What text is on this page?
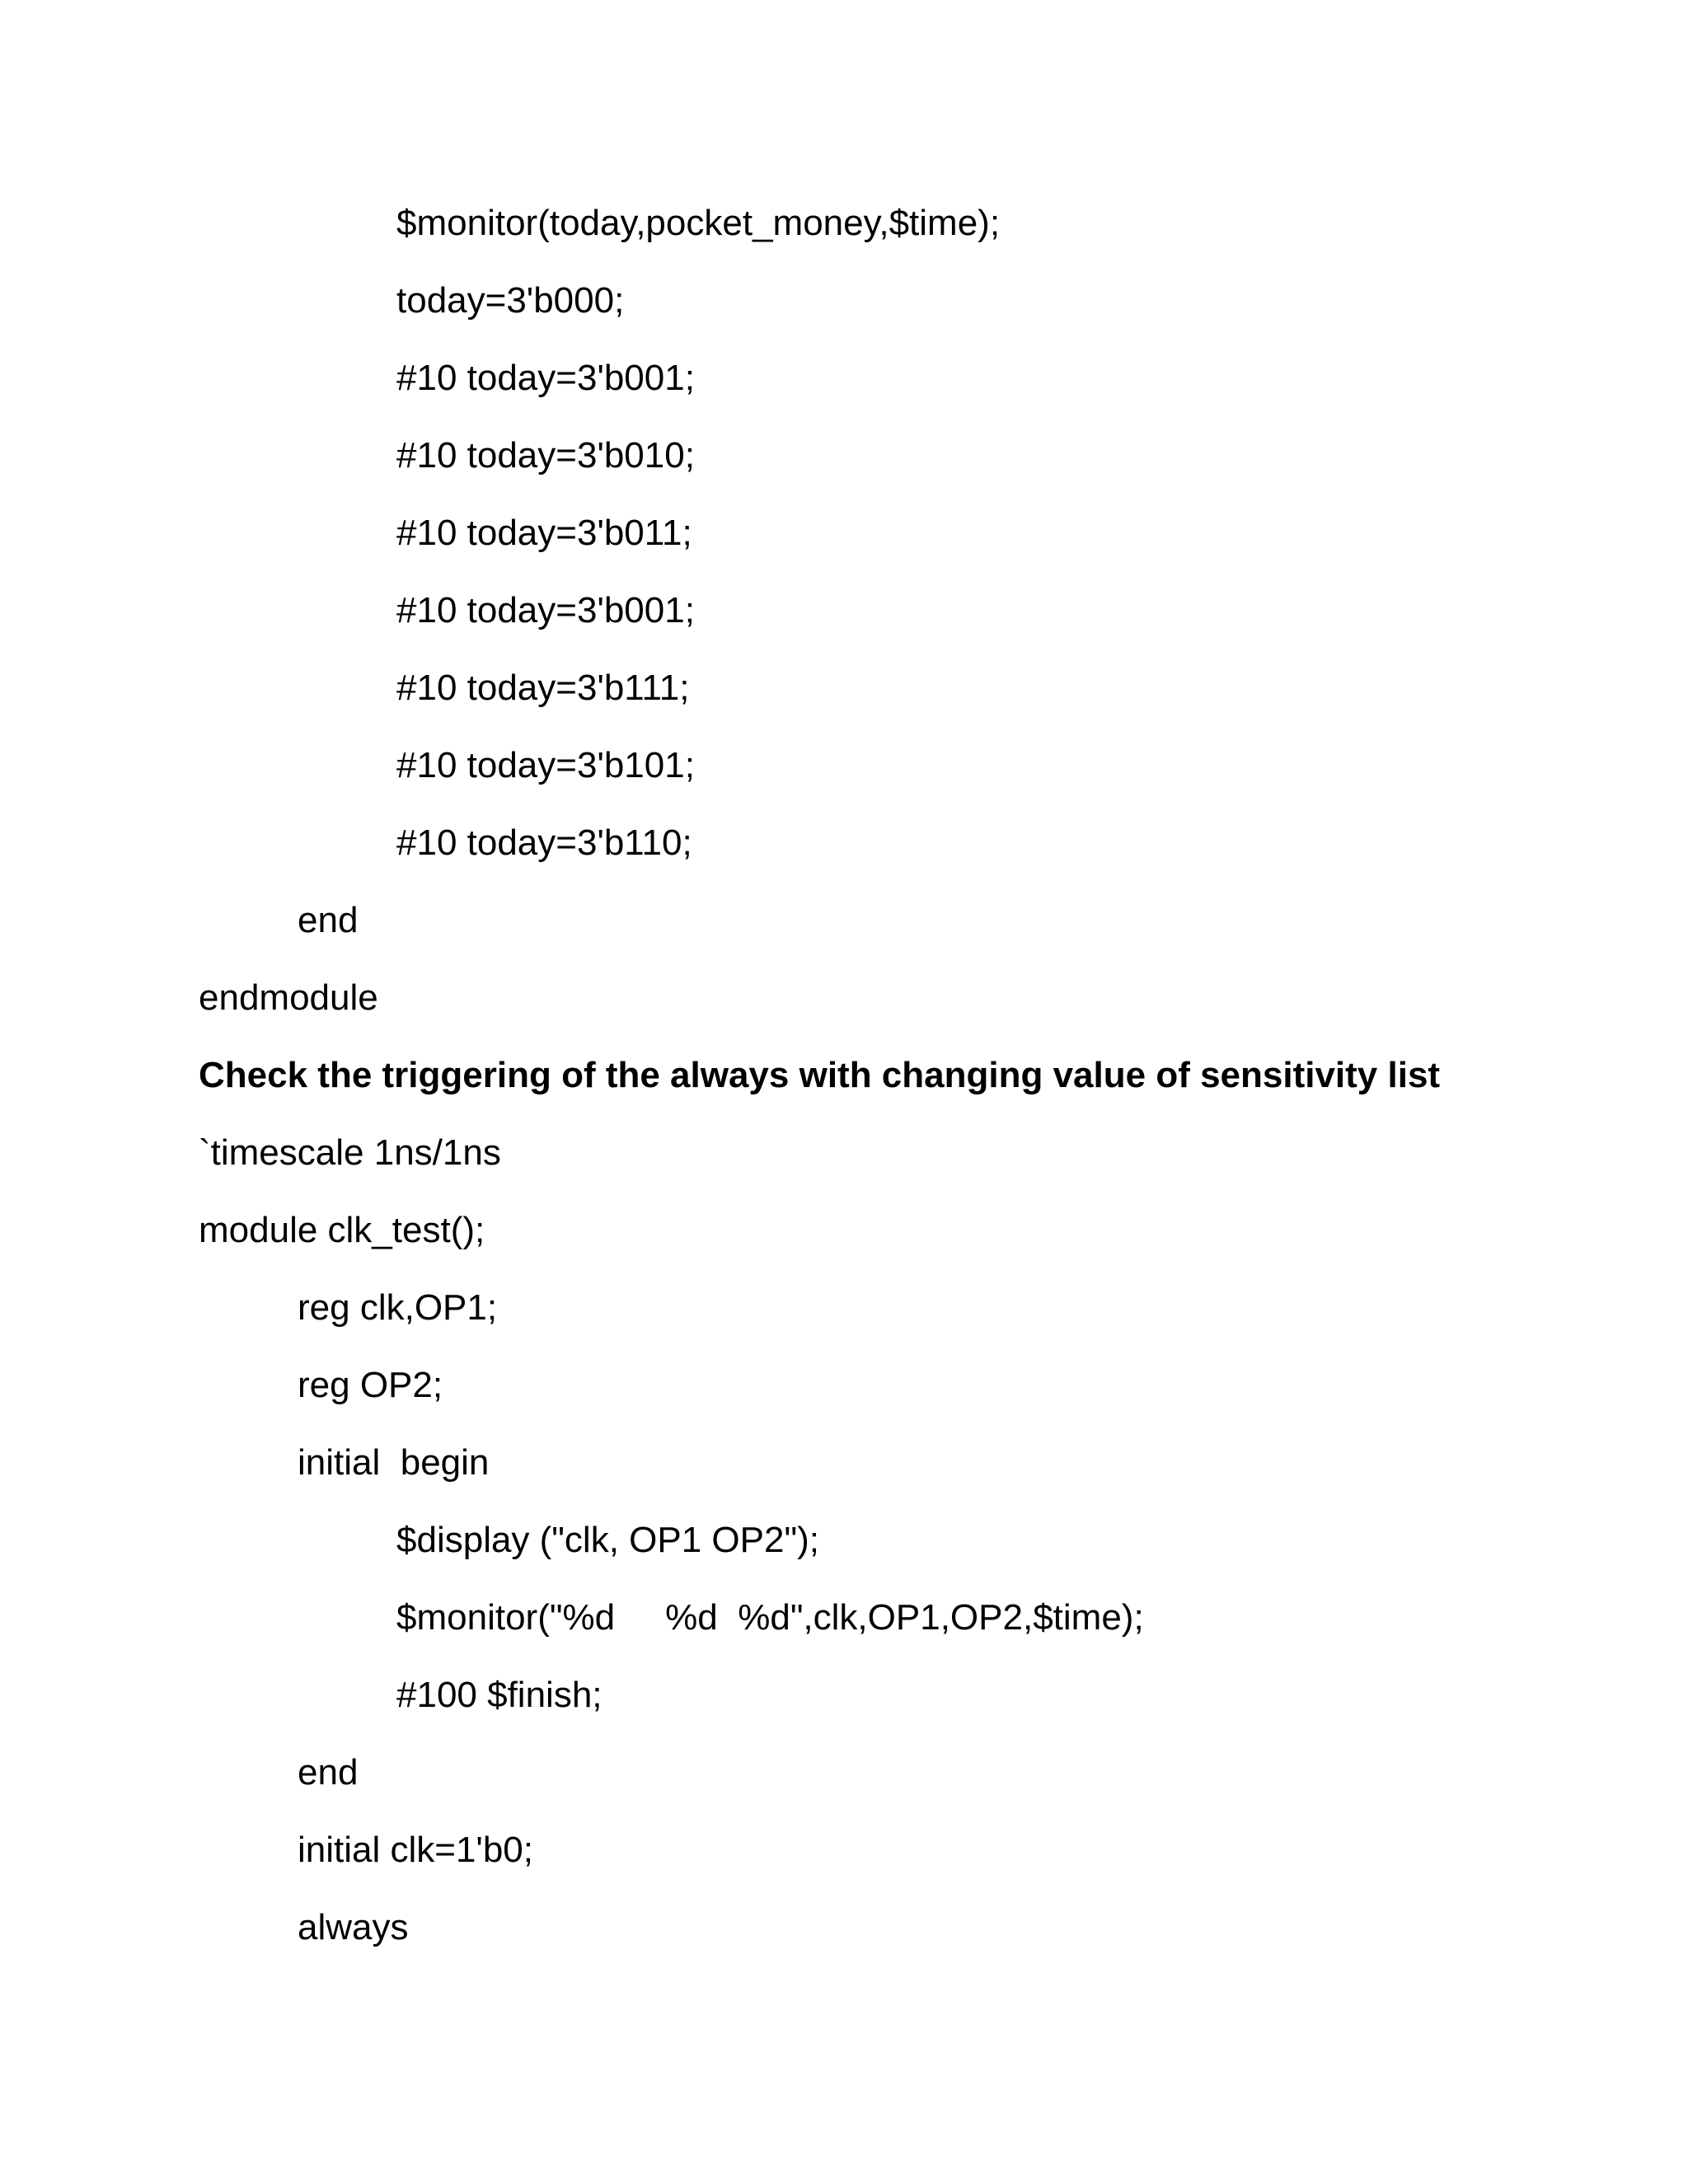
$monitor(today,pocket_money,$time);
today=3'b000;
#10 today=3'b001;
#10 today=3'b010;
#10 today=3'b011;
#10 today=3'b001;
#10 today=3'b111;
#10 today=3'b101;
#10 today=3'b110;
end
endmodule
Check the triggering of the always with changing value of sensitivity list
`timescale 1ns/1ns
module clk_test();
reg clk,OP1;
reg OP2;
initial  begin
$display ("clk, OP1 OP2");
$monitor("%d     %d  %d",clk,OP1,OP2,$time);
#100 $finish;
end
initial clk=1'b0;
always
